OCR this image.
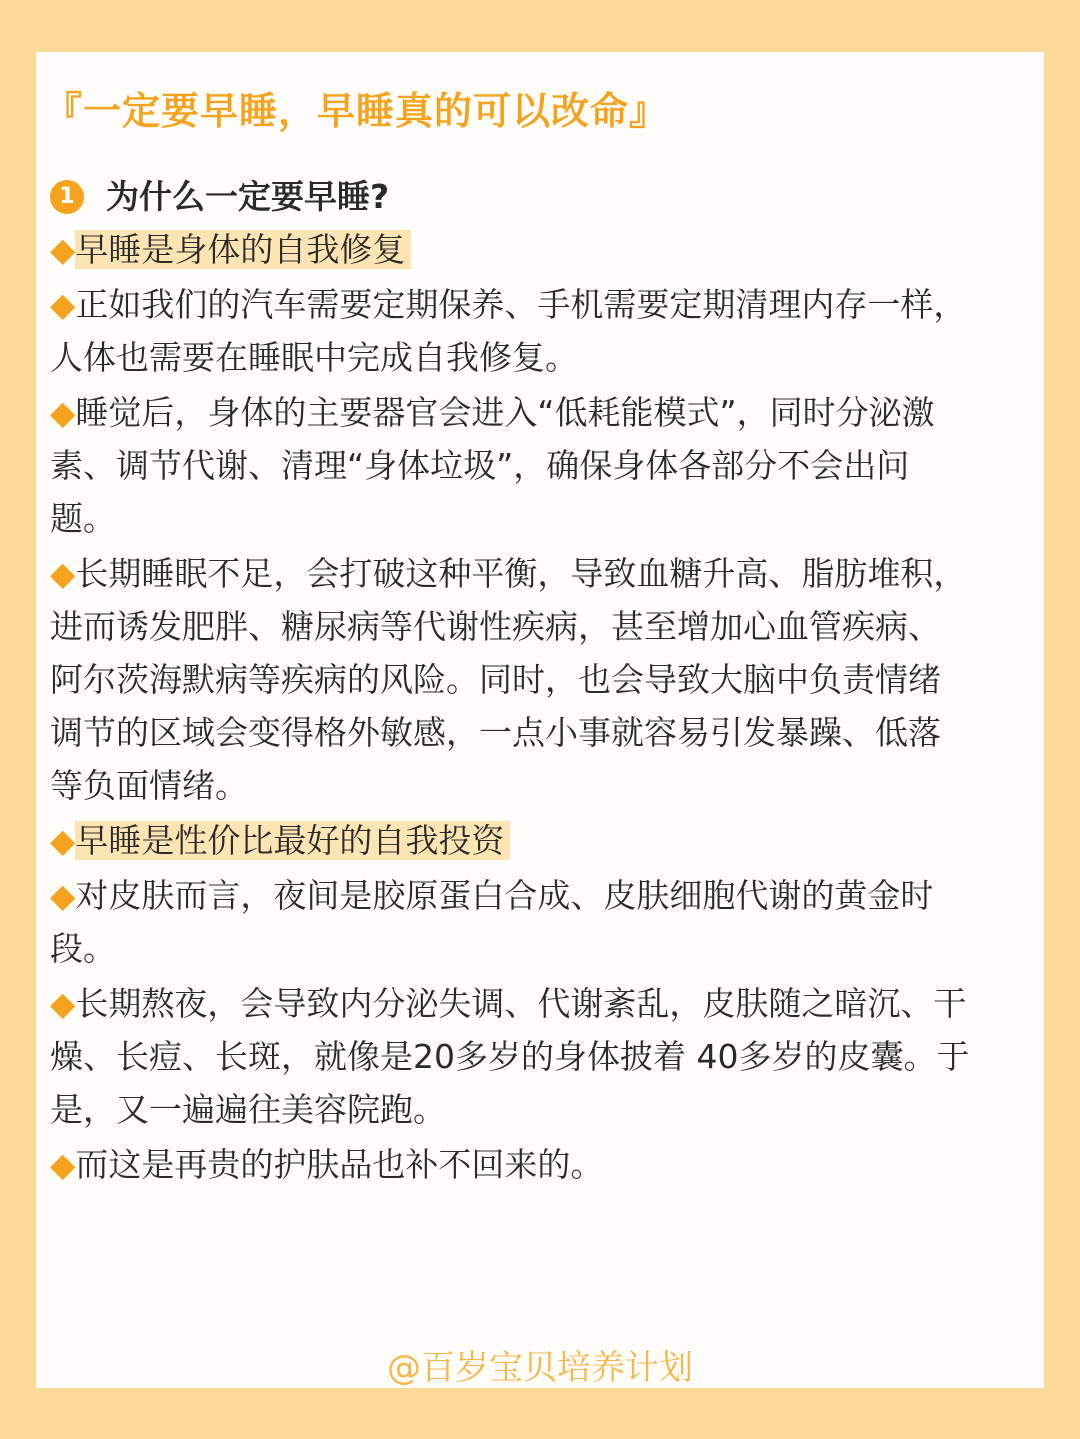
『一定要早睡，早睡真的可以改命』
1 为什么一定要早睡?
◆早睡是身体的自我修复
◆正如我们的汽车需要定期保养、手机需要定期清理内存一样，人体也需要在睡眠中完成自我修复。
◆睡觉后，身体的主要器官会进入“低耗能模式”，同时分泌激素、调节代谢、清理“身体垃圾”，确保身体各部分不会出问题。
◆长期睡眠不足，会打破这种平衡，导致血糖升高、脂肪堆积，进而诱发肥胖、糖尿病等代谢性疾病，甚至增加心血管疾病、阿尔茨海默病等疾病的风险。同时，也会导致大脑中负责情绪调节的区域会变得格外敏感，一点小事就容易引发暴躁、低落等负面情绪。
◆早睡是性价比最好的自我投资
◆对皮肤而言，夜间是胶原蛋白合成、皮肤细胞代谢的黄金时段。
◆长期熬夜，会导致内分泌失调、代谢紊乱，皮肤随之暗沉、干燥、长痘、长斑，就像是20多岁的身体披着 40多岁的皮囊。于是，又一遍遍往美容院跑。
◆而这是再贵的护肤品也补不回来的。
@百岁宝贝培养计划
